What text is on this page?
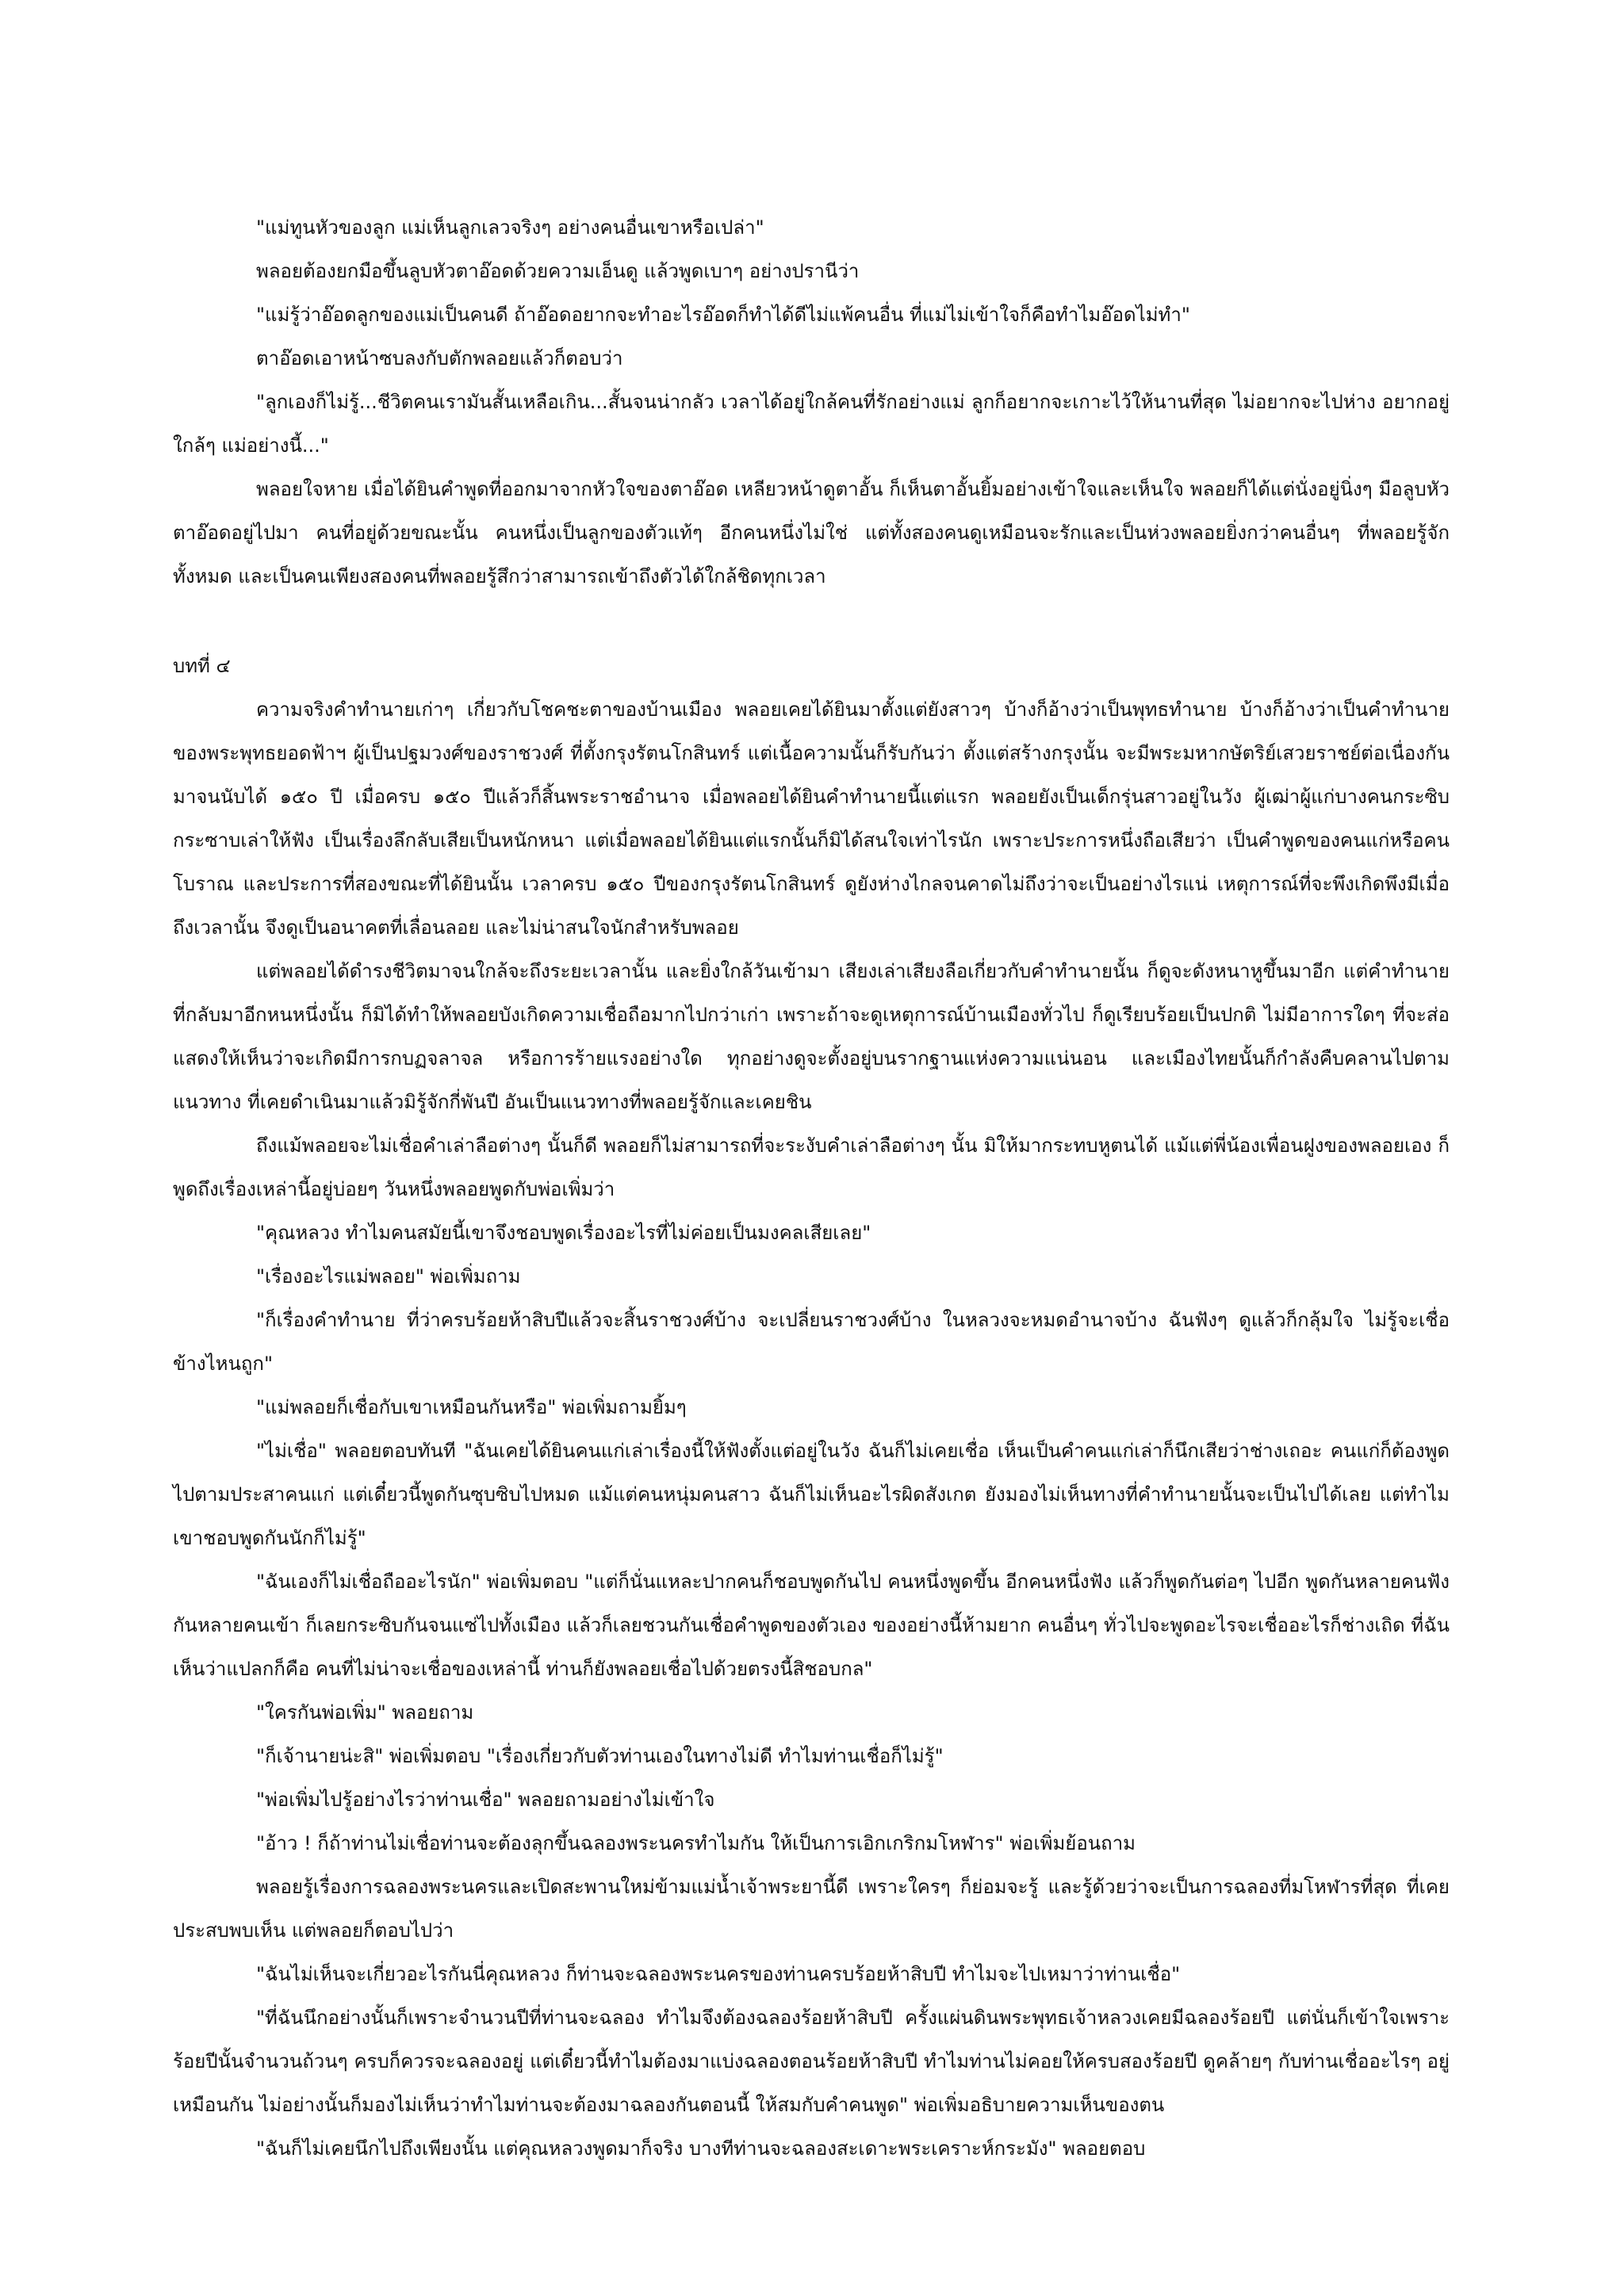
"แม่ทูนหัวของลูก แม่เห็นลูกเลวจริงๆ อย่างคนอื่นเขาหรือเปล่า"

พลอยต้องยกมือขึ้นลูบหัวตาอ๊อดด้วยความเอ็นดู แล้วพูดเบาๆ อย่างปรานีว่า

"แม่รู้ว่าอ๊อดลูกของแม่เป็นคนดี ถ้าอ๊อดอยากจะทำอะไรอ๊อดก็ทำได้ดีไม่แพ้คนอื่น ที่แม่ไม่เข้าใจก็คือทำไมอ๊อดไม่ทำ"

ตาอ๊อดเอาหน้าซบลงกับตักพลอยแล้วก็ตอบว่า

"ลูกเองก็ไม่รู้...ชีวิตคนเรามันสั้นเหลือเกิน...สั้นจนน่ากลัว เวลาได้อยู่ใกล้คนที่รักอย่างแม่ ลูกก็อยากจะเกาะไว้ให้นานที่สุด ไม่อยากจะไปห่าง อยากอยู่ใกล้ๆ แม่อย่างนี้..."

พลอยใจหาย เมื่อได้ยินคำพูดที่ออกมาจากหัวใจของตาอ๊อด เหลียวหน้าดูตาอั้น ก็เห็นตาอั้นยิ้มอย่างเข้าใจและเห็นใจ พลอยก็ได้แต่นั่งอยู่นิ่งๆ มือลูบหัวตาอ๊อดอยู่ไปมา คนที่อยู่ด้วยขณะนั้น คนหนึ่งเป็นลูกของตัวแท้ๆ อีกคนหนึ่งไม่ใช่ แต่ทั้งสองคนดูเหมือนจะรักและเป็นห่วงพลอยยิ่งกว่าคนอื่นๆ ที่พลอยรู้จักทั้งหมด และเป็นคนเพียงสองคนที่พลอยรู้สึกว่าสามารถเข้าถึงตัวได้ใกล้ชิดทุกเวลา

บทที่ ๔

ความจริงคำทำนายเก่าๆ เกี่ยวกับโชคชะตาของบ้านเมือง พลอยเคยได้ยินมาตั้งแต่ยังสาวๆ บ้างก็อ้างว่าเป็นพุทธทำนาย บ้างก็อ้างว่าเป็นคำทำนายของพระพุทธยอดฟ้าฯ ผู้เป็นปฐมวงศ์ของราชวงศ์ ที่ตั้งกรุงรัตนโกสินทร์ แต่เนื้อความนั้นก็รับกันว่า ตั้งแต่สร้างกรุงนั้น จะมีพระมหากษัตริย์เสวยราชย์ต่อเนื่องกันมาจนนับได้ ๑๕๐ ปี เมื่อครบ ๑๕๐ ปีแล้วก็สิ้นพระราชอำนาจ เมื่อพลอยได้ยินคำทำนายนี้แต่แรก พลอยยังเป็นเด็กรุ่นสาวอยู่ในวัง ผู้เฒ่าผู้แก่บางคนกระซิบกระซาบเล่าให้ฟัง เป็นเรื่องลึกลับเสียเป็นหนักหนา แต่เมื่อพลอยได้ยินแต่แรกนั้นก็มิได้สนใจเท่าไรนัก เพราะประการหนึ่งถือเสียว่า เป็นคำพูดของคนแก่หรือคนโบราณ และประการที่สองขณะที่ได้ยินนั้น เวลาครบ ๑๕๐ ปีของกรุงรัตนโกสินทร์ ดูยังห่างไกลจนคาดไม่ถึงว่าจะเป็นอย่างไรแน่ เหตุการณ์ที่จะพึงเกิดพึงมีเมื่อถึงเวลานั้น จึงดูเป็นอนาคตที่เลื่อนลอย และไม่น่าสนใจนักสำหรับพลอย

แต่พลอยได้ดำรงชีวิตมาจนใกล้จะถึงระยะเวลานั้น และยิ่งใกล้วันเข้ามา เสียงเล่าเสียงลือเกี่ยวกับคำทำนายนั้น ก็ดูจะดังหนาหูขึ้นมาอีก แต่คำทำนายที่กลับมาอีกหนหนึ่งนั้น ก็มิได้ทำให้พลอยบังเกิดความเชื่อถือมากไปกว่าเก่า เพราะถ้าจะดูเหตุการณ์บ้านเมืองทั่วไป ก็ดูเรียบร้อยเป็นปกติ ไม่มีอาการใดๆ ที่จะส่อแสดงให้เห็นว่าจะเกิดมีการกบฏจลาจล หรือการร้ายแรงอย่างใด ทุกอย่างดูจะตั้งอยู่บนรากฐานแห่งความแน่นอน และเมืองไทยนั้นก็กำลังคืบคลานไปตามแนวทาง ที่เคยดำเนินมาแล้วมิรู้จักกี่พันปี อันเป็นแนวทางที่พลอยรู้จักและเคยชิน

ถึงแม้พลอยจะไม่เชื่อคำเล่าลือต่างๆ นั้นก็ดี พลอยก็ไม่สามารถที่จะระงับคำเล่าลือต่างๆ นั้น มิให้มากระทบหูตนได้ แม้แต่พี่น้องเพื่อนฝูงของพลอยเอง ก็พูดถึงเรื่องเหล่านี้อยู่บ่อยๆ วันหนึ่งพลอยพูดกับพ่อเพิ่มว่า

"คุณหลวง ทำไมคนสมัยนี้เขาจึงชอบพูดเรื่องอะไรที่ไม่ค่อยเป็นมงคลเสียเลย"

"เรื่องอะไรแม่พลอย" พ่อเพิ่มถาม

"ก็เรื่องคำทำนาย ที่ว่าครบร้อยห้าสิบปีแล้วจะสิ้นราชวงศ์บ้าง จะเปลี่ยนราชวงศ์บ้าง ในหลวงจะหมดอำนาจบ้าง ฉันฟังๆ ดูแล้วก็กลุ้มใจ ไม่รู้จะเชื่อข้างไหนถูก"

"แม่พลอยก็เชื่อกับเขาเหมือนกันหรือ" พ่อเพิ่มถามยิ้มๆ

"ไม่เชื่อ" พลอยตอบทันที "ฉันเคยได้ยินคนแก่เล่าเรื่องนี้ให้ฟังตั้งแต่อยู่ในวัง ฉันก็ไม่เคยเชื่อ เห็นเป็นคำคนแก่เล่าก็นึกเสียว่าช่างเถอะ คนแก่ก็ต้องพูดไปตามประสาคนแก่ แต่เดี๋ยวนี้พูดกันซุบซิบไปหมด แม้แต่คนหนุ่มคนสาว ฉันก็ไม่เห็นอะไรผิดสังเกต ยังมองไม่เห็นทางที่คำทำนายนั้นจะเป็นไปได้เลย แต่ทำไมเขาชอบพูดกันนักก็ไม่รู้"

"ฉันเองก็ไม่เชื่อถืออะไรนัก" พ่อเพิ่มตอบ "แต่ก็นั่นแหละปากคนก็ชอบพูดกันไป คนหนึ่งพูดขึ้น อีกคนหนึ่งฟัง แล้วก็พูดกันต่อๆ ไปอีก พูดกันหลายคนฟังกันหลายคนเข้า ก็เลยกระซิบกันจนแซ่ไปทั้งเมือง แล้วก็เลยชวนกันเชื่อคำพูดของตัวเอง ของอย่างนี้ห้ามยาก คนอื่นๆ ทั่วไปจะพูดอะไรจะเชื่ออะไรก็ช่างเถิด ที่ฉันเห็นว่าแปลกก็คือ คนที่ไม่น่าจะเชื่อของเหล่านี้ ท่านก็ยังพลอยเชื่อไปด้วยตรงนี้สิชอบกล"

"ใครกันพ่อเพิ่ม" พลอยถาม

"ก็เจ้านายน่ะสิ" พ่อเพิ่มตอบ "เรื่องเกี่ยวกับตัวท่านเองในทางไม่ดี ทำไมท่านเชื่อก็ไม่รู้"

"พ่อเพิ่มไปรู้อย่างไรว่าท่านเชื่อ" พลอยถามอย่างไม่เข้าใจ

"อ้าว ! ก็ถ้าท่านไม่เชื่อท่านจะต้องลุกขึ้นฉลองพระนครทำไมกัน ให้เป็นการเอิกเกริกมโหฬาร" พ่อเพิ่มย้อนถาม

พลอยรู้เรื่องการฉลองพระนครและเปิดสะพานใหม่ข้ามแม่น้ำเจ้าพระยานี้ดี เพราะใครๆ ก็ย่อมจะรู้ และรู้ด้วยว่าจะเป็นการฉลองที่มโหฬารที่สุด ที่เคยประสบพบเห็น แต่พลอยก็ตอบไปว่า

"ฉันไม่เห็นจะเกี่ยวอะไรกันนี่คุณหลวง ก็ท่านจะฉลองพระนครของท่านครบร้อยห้าสิบปี ทำไมจะไปเหมาว่าท่านเชื่อ"

"ที่ฉันนึกอย่างนั้นก็เพราะจำนวนปีที่ท่านจะฉลอง ทำไมจึงต้องฉลองร้อยห้าสิบปี ครั้งแผ่นดินพระพุทธเจ้าหลวงเคยมีฉลองร้อยปี แต่นั่นก็เข้าใจเพราะร้อยปีนั้นจำนวนถ้วนๆ ครบก็ควรจะฉลองอยู่ แต่เดี๋ยวนี้ทำไมต้องมาแบ่งฉลองตอนร้อยห้าสิบปี ทำไมท่านไม่คอยให้ครบสองร้อยปี ดูคล้ายๆ กับท่านเชื่ออะไรๆ อยู่เหมือนกัน ไม่อย่างนั้นก็มองไม่เห็นว่าทำไมท่านจะต้องมาฉลองกันตอนนี้ ให้สมกับคำคนพูด" พ่อเพิ่มอธิบายความเห็นของตน

"ฉันก็ไม่เคยนึกไปถึงเพียงนั้น แต่คุณหลวงพูดมาก็จริง บางทีท่านจะฉลองสะเดาะพระเคราะห์กระมัง" พลอยตอบ
